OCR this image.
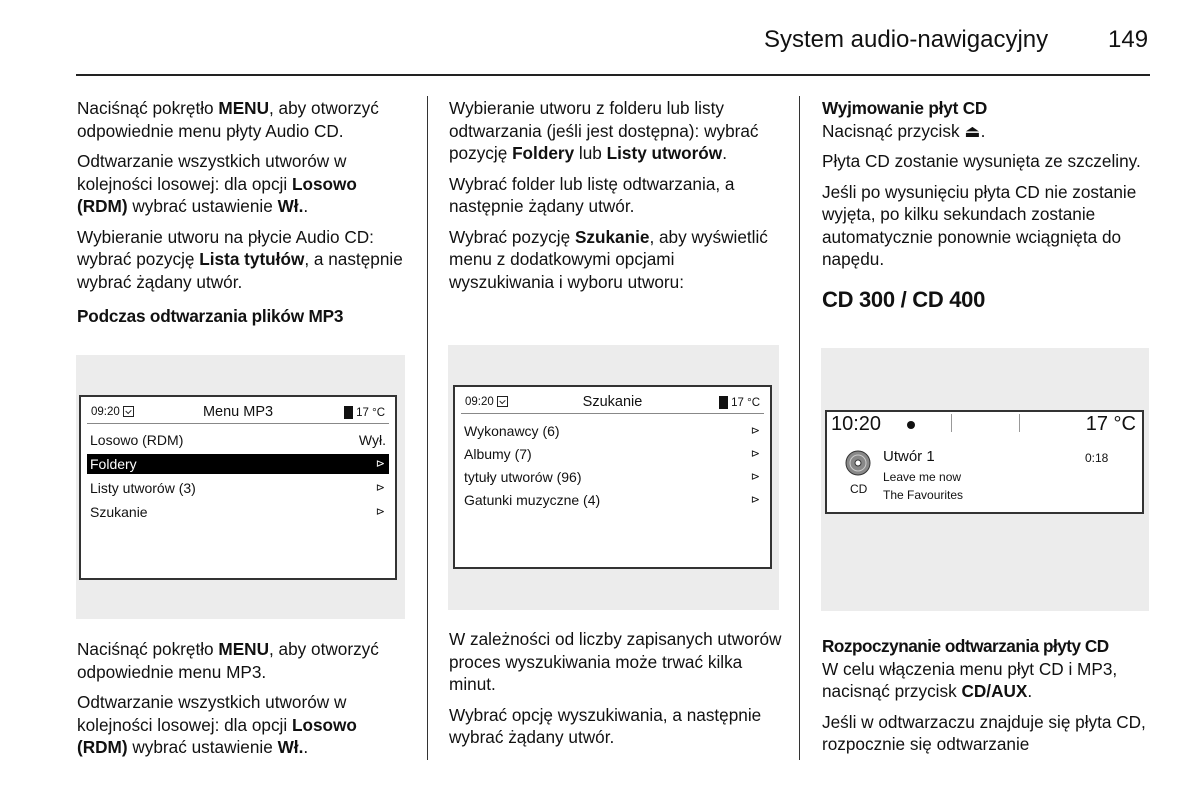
System audio-nawigacyjny 149

Naciśnąć pokrętło MENU, aby otworzyć odpowiednie menu płyty Audio CD.

Odtwarzanie wszystkich utworów w kolejności losowej: dla opcji Losowo (RDM) wybrać ustawienie Wł..

Wybieranie utworu na płycie Audio CD: wybrać pozycję Lista tytułów, a następnie wybrać żądany utwór.

Podczas odtwarzania plików MP3

09:20	Menu MP3	17 °C
Losowo (RDM)	Wył.
Foldery	⊳
Listy utworów (3)	⊳
Szukanie	⊳

Naciśnąć pokrętło MENU, aby otworzyć odpowiednie menu MP3.

Odtwarzanie wszystkich utworów w kolejności losowej: dla opcji Losowo (RDM) wybrać ustawienie Wł..

Wybieranie utworu z folderu lub listy odtwarzania (jeśli jest dostępna): wybrać pozycję Foldery lub Listy utworów.

Wybrać folder lub listę odtwarzania, a następnie żądany utwór.

Wybrać pozycję Szukanie, aby wyświetlić menu z dodatkowymi opcjami wyszukiwania i wyboru utworu:

09:20	Szukanie	17 °C
Wykonawcy (6)	⊳
Albumy (7)	⊳
tytuły utworów (96)	⊳
Gatunki muzyczne (4)	⊳

W zależności od liczby zapisanych utworów proces wyszukiwania może trwać kilka minut.

Wybrać opcję wyszukiwania, a następnie wybrać żądany utwór.

Wyjmowanie płyt CD

Nacisnąć przycisk ⏏.

Płyta CD zostanie wysunięta ze szczeliny.

Jeśli po wysunięciu płyta CD nie zostanie wyjęta, po kilku sekundach zostanie automatycznie ponownie wciągnięta do napędu.

CD 300 / CD 400

10:20	17 °C
CD
Utwór 1	0:18
Leave me now
The Favourites

Rozpoczynanie odtwarzania płyty CD

W celu włączenia menu płyt CD i MP3, nacisnąć przycisk CD/AUX.

Jeśli w odtwarzaczu znajduje się płyta CD, rozpocznie się odtwarzanie
